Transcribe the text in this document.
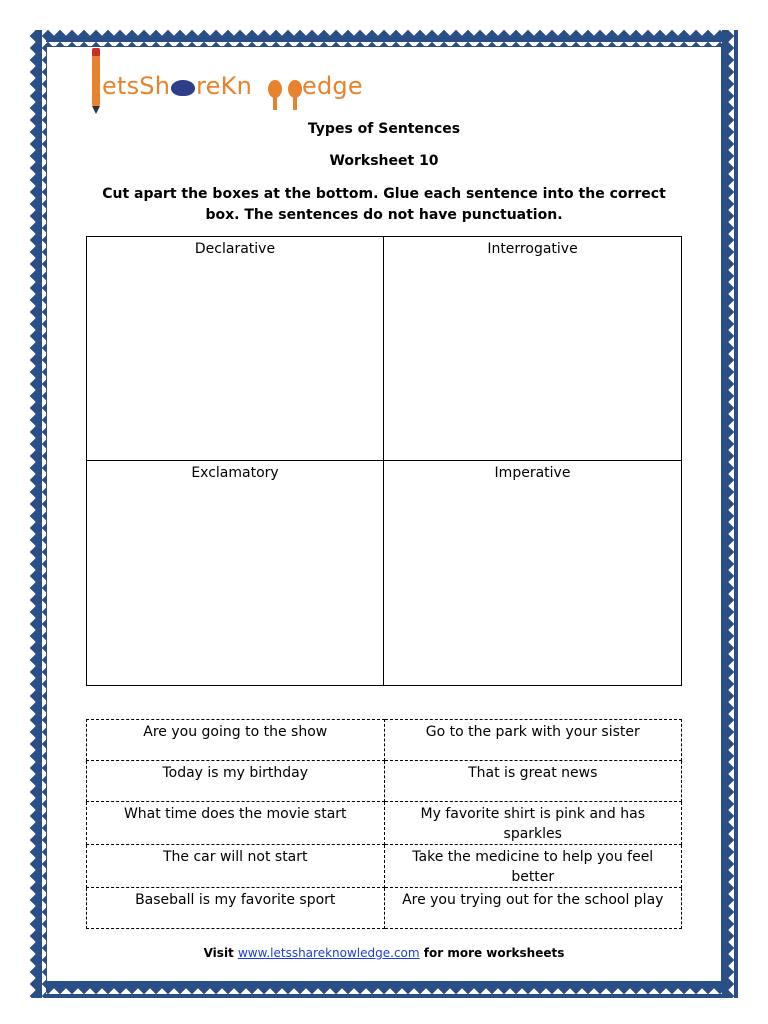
etsSh reKn edge
Types of Sentences
Worksheet 10
Cut apart the boxes at the bottom. Glue each sentence into the correct box. The sentences do not have punctuation.
Declarative	Interrogative
Exclamatory	Imperative
Are you going to the show	Go to the park with your sister
Today is my birthday	That is great news
What time does the movie start	My favorite shirt is pink and has sparkles
The car will not start	Take the medicine to help you feel better
Baseball is my favorite sport	Are you trying out for the school play
Visit www.letsshareknowledge.com for more worksheets
